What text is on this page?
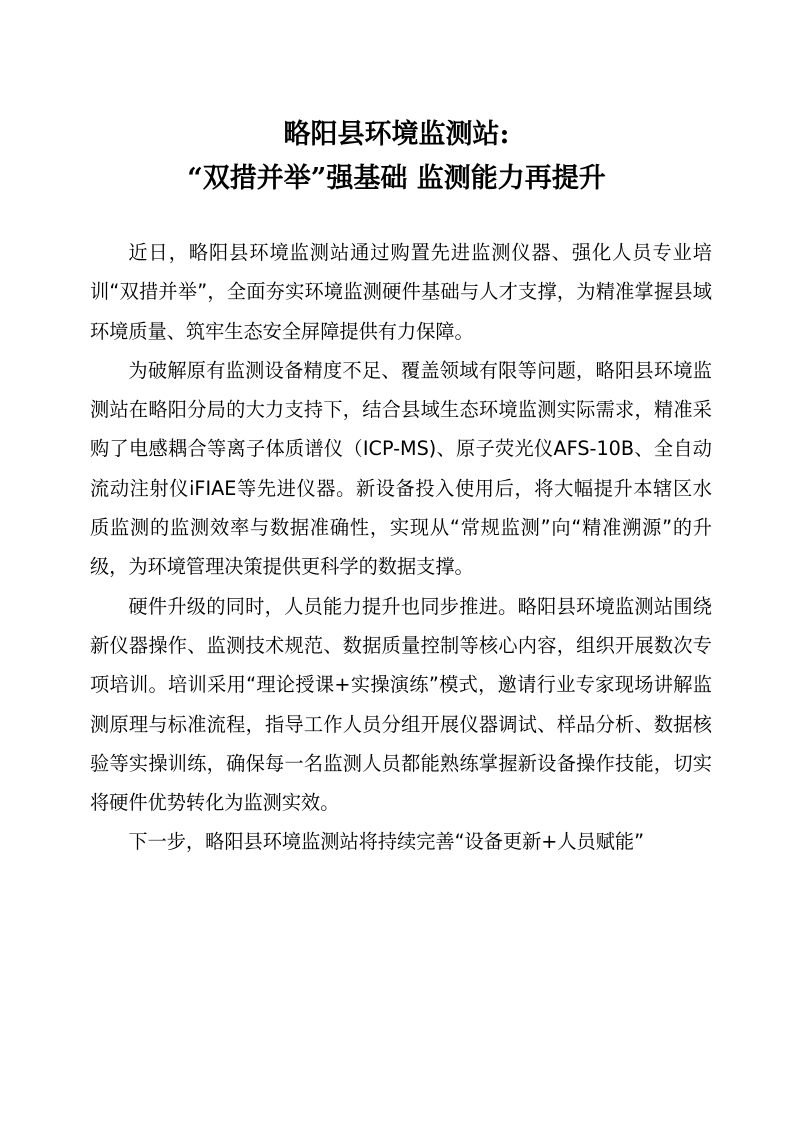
略阳县环境监测站:
“双措并举”强基础 监测能力再提升

近日，略阳县环境监测站通过购置先进监测仪器、强化人员专业培训“双措并举”，全面夯实环境监测硬件基础与人才支撑，为精准掌握县域环境质量、筑牢生态安全屏障提供有力保障。

为破解原有监测设备精度不足、覆盖领域有限等问题，略阳县环境监测站在略阳分局的大力支持下，结合县域生态环境监测实际需求，精准采购了电感耦合等离子体质谱仪（ICP-MS)、原子荧光仪AFS-10B、全自动流动注射仪iFIAE等先进仪器。新设备投入使用后，将大幅提升本辖区水质监测的监测效率与数据准确性，实现从“常规监测”向“精准溯源”的升级，为环境管理决策提供更科学的数据支撑。

硬件升级的同时，人员能力提升也同步推进。略阳县环境监测站围绕新仪器操作、监测技术规范、数据质量控制等核心内容，组织开展数次专项培训。培训采用“理论授课+实操演练”模式，邀请行业专家现场讲解监测原理与标准流程，指导工作人员分组开展仪器调试、样品分析、数据核验等实操训练，确保每一名监测人员都能熟练掌握新设备操作技能，切实将硬件优势转化为监测实效。

下一步，略阳县环境监测站将持续完善“设备更新+人员赋能”
